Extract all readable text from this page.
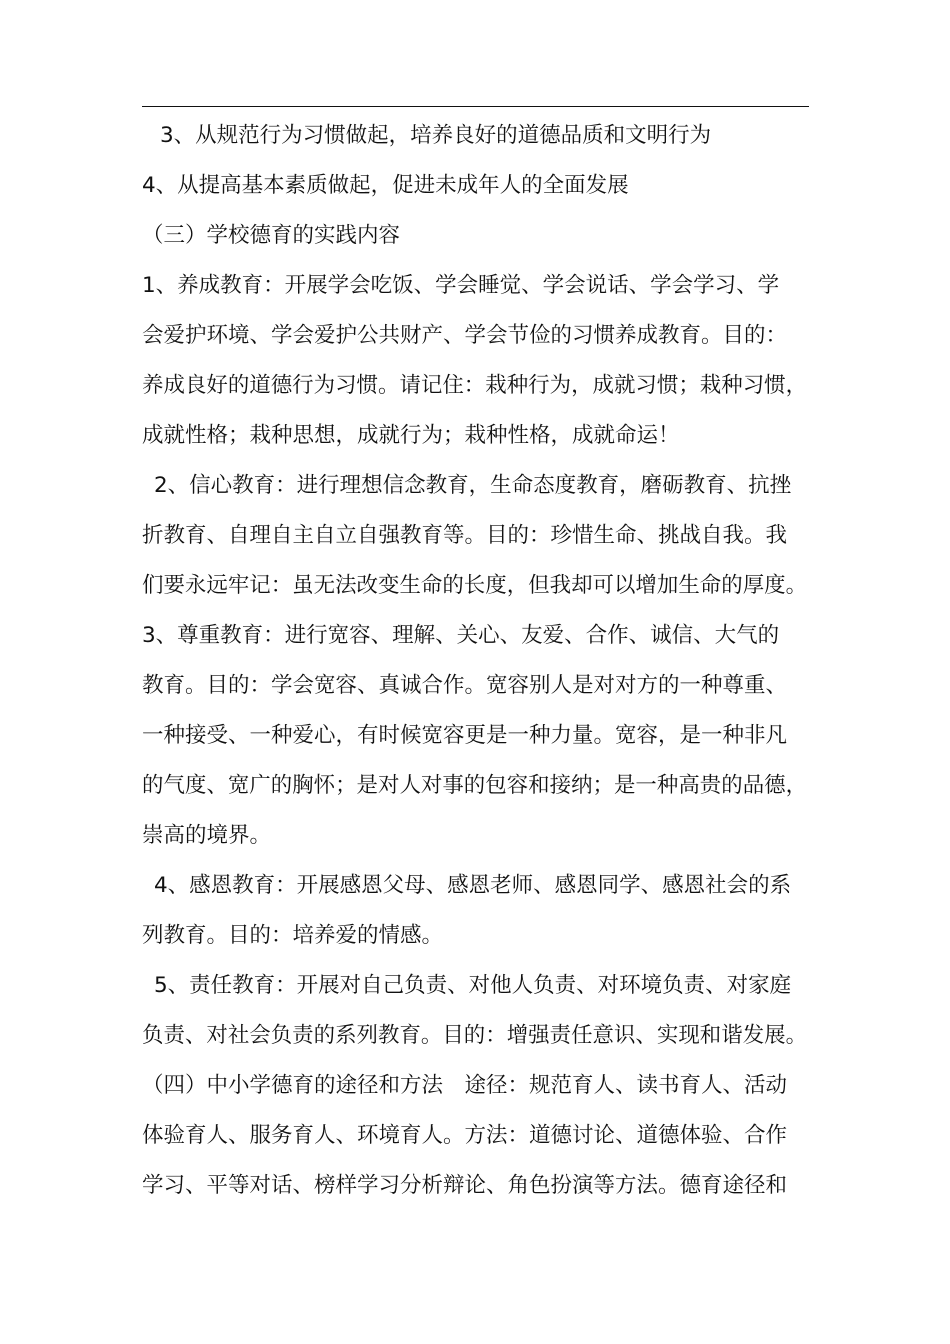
3、从规范行为习惯做起，培养良好的道德品质和文明行为
4、从提高基本素质做起，促进未成年人的全面发展
（三）学校德育的实践内容
1、养成教育：开展学会吃饭、学会睡觉、学会说话、学会学习、学
会爱护环境、学会爱护公共财产、学会节俭的习惯养成教育。目的：
养成良好的道德行为习惯。请记住：栽种行为，成就习惯；栽种习惯，
成就性格；栽种思想，成就行为；栽种性格，成就命运！
2、信心教育：进行理想信念教育，生命态度教育，磨砺教育、抗挫
折教育、自理自主自立自强教育等。目的：珍惜生命、挑战自我。我
们要永远牢记：虽无法改变生命的长度，但我却可以增加生命的厚度。
3、尊重教育：进行宽容、理解、关心、友爱、合作、诚信、大气的
教育。目的：学会宽容、真诚合作。宽容别人是对对方的一种尊重、
一种接受、一种爱心，有时候宽容更是一种力量。宽容，是一种非凡
的气度、宽广的胸怀；是对人对事的包容和接纳；是一种高贵的品德，
崇高的境界。
4、感恩教育：开展感恩父母、感恩老师、感恩同学、感恩社会的系
列教育。目的：培养爱的情感。
5、责任教育：开展对自己负责、对他人负责、对环境负责、对家庭
负责、对社会负责的系列教育。目的：增强责任意识、实现和谐发展。
（四）中小学德育的途径和方法　途径：规范育人、读书育人、活动
体验育人、服务育人、环境育人。方法：道德讨论、道德体验、合作
学习、平等对话、榜样学习分析辩论、角色扮演等方法。德育途径和
